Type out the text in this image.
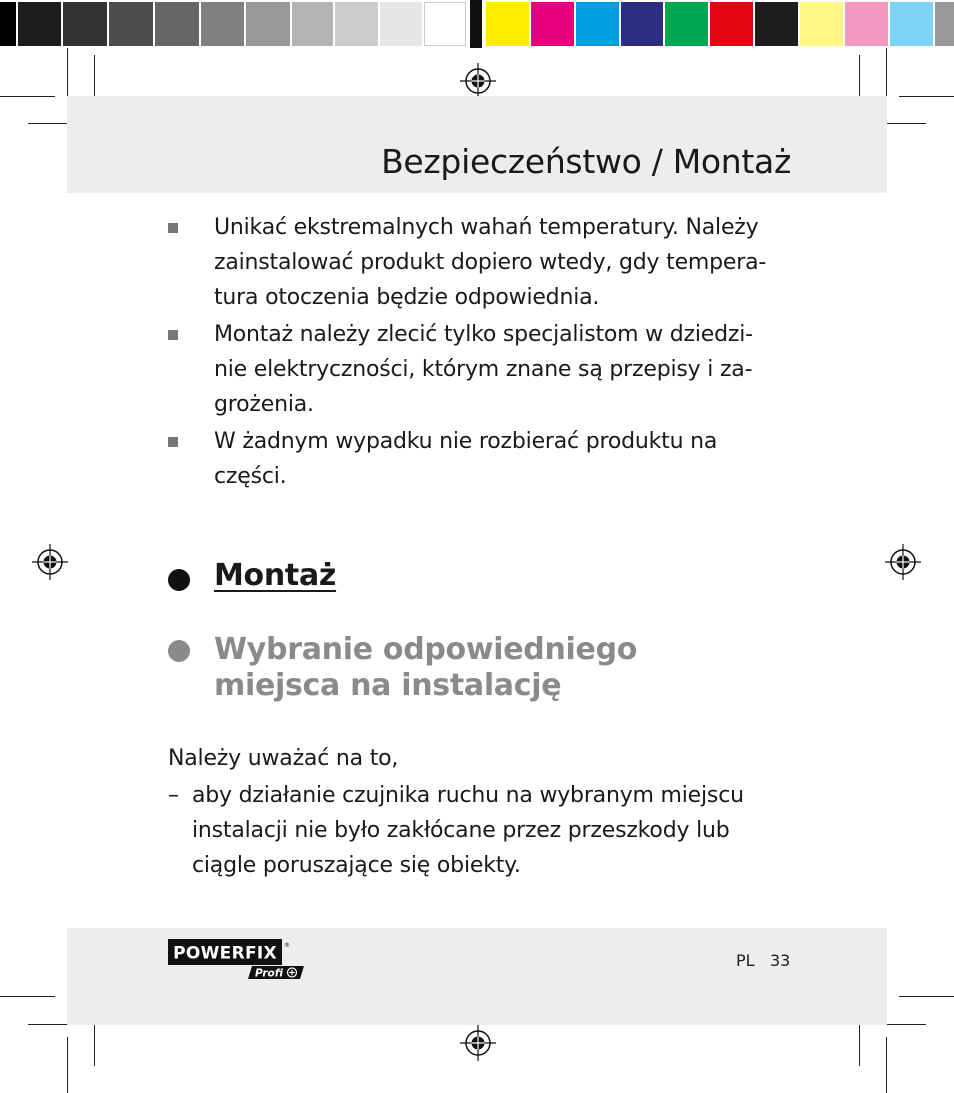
Bezpieczeństwo / Montaż
Unikać ekstremalnych wahań temperatury. Należy
zainstalować produkt dopiero wtedy, gdy tempera-
tura otoczenia będzie odpowiednia.
Montaż należy zlecić tylko specjalistom w dziedzi-
nie elektryczności, którym znane są przepisy i za-
grożenia.
W żadnym wypadku nie rozbierać produktu na
części.
Montaż
Wybranie odpowiedniego
miejsca na instalację

Należy uważać na to,

– aby działanie czujnika ruchu na wybranym miejscu
instalacji nie było zakłócane przez przeszkody lub
ciągle poruszające się obiekty.
POWERFIX ®
Profi
PL 33
